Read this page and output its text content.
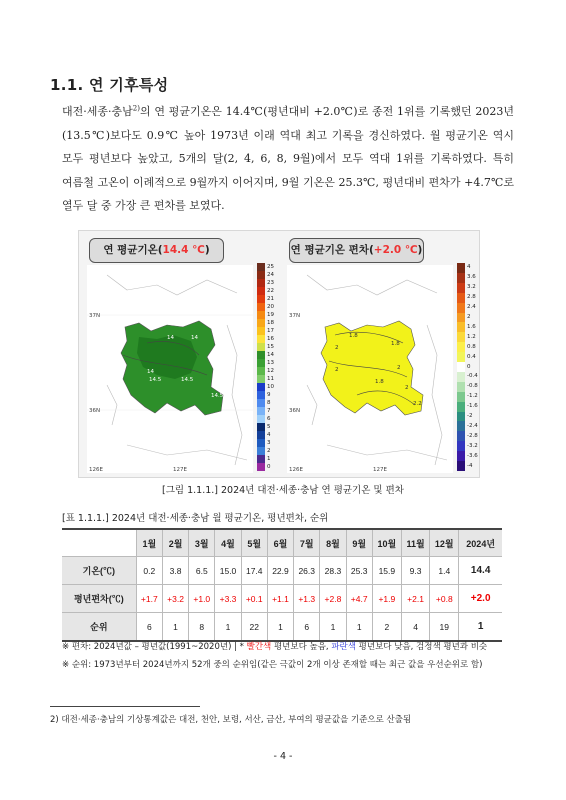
1.1. 연 기후특성
대전·세종·충남$^{2)}$의 연 평균기온은 14.4℃(평년대비 +2.0℃)로 종전 1위를 기록했던 2023년(13.5℃)보다도 0.9℃ 높아 1973년 이래 역대 최고 기록을 경신하였다. 월 평균기온 역시 모두 평년보다 높았고, 5개의 달(2, 4, 6, 8, 9월)에서 모두 역대 1위를 기록하였다. 특히 여름철 고온이 이례적으로 9월까지 이어지며, 9월 기온은 25.3℃, 평년대비 편차가 +4.7℃로 열두 달 중 가장 큰 편차를 보였다.
연 평균기온(14.4 ℃)
14	14
14
15
14.5	14.5
14.5
37N
36N
126E	127E
25
24
23
22
21
20
19
18
17
16
15
14
13
12
11
10
9
8
7
6
5
4
3
2
1
0
연 평균기온 편차(+2.0 ℃)
1.8
2
1.8
2	2
1.8
2
2.2
37N
36N
126E	127E
4
3.6
3.2
2.8
2.4
2
1.6
1.2
0.8
0.4
0
-0.4
-0.8
-1.2
-1.6
-2
-2.4
-2.8
-3.2
-3.6
-4
[그림 1.1.1.] 2024년 대전·세종·충남 연 평균기온 및 편차
[표 1.1.1.] 2024년 대전·세종·충남 월 평균기온, 평년편차, 순위
	1월	2월	3월	4월	5월	6월	7월	8월	9월	10월	11월	12월	2024년
기온(℃)	0.2	3.8	6.5	15.0	17.4	22.9	26.3	28.3	25.3	15.9	9.3	1.4	14.4
평년편차(℃)	+1.7	+3.2	+1.0	+3.3	+0.1	+1.1	+1.3	+2.8	+4.7	+1.9	+2.1	+0.8	+2.0
순위	6	1	8	1	22	1	6	1	1	2	4	19	1
※ 편차: 2024년값 – 평년값(1991~2020년) | * 빨간색 평년보다 높음, 파란색 평년보다 낮음, 검정색 평년과 비슷
※ 순위: 1973년부터 2024년까지 52개 중의 순위임(같은 극값이 2개 이상 존재할 때는 최근 값을 우선순위로 함)
2) 대전·세종·충남의 기상통계값은 대전, 천안, 보령, 서산, 금산, 부여의 평균값을 기준으로 산출됨
- 4 -
